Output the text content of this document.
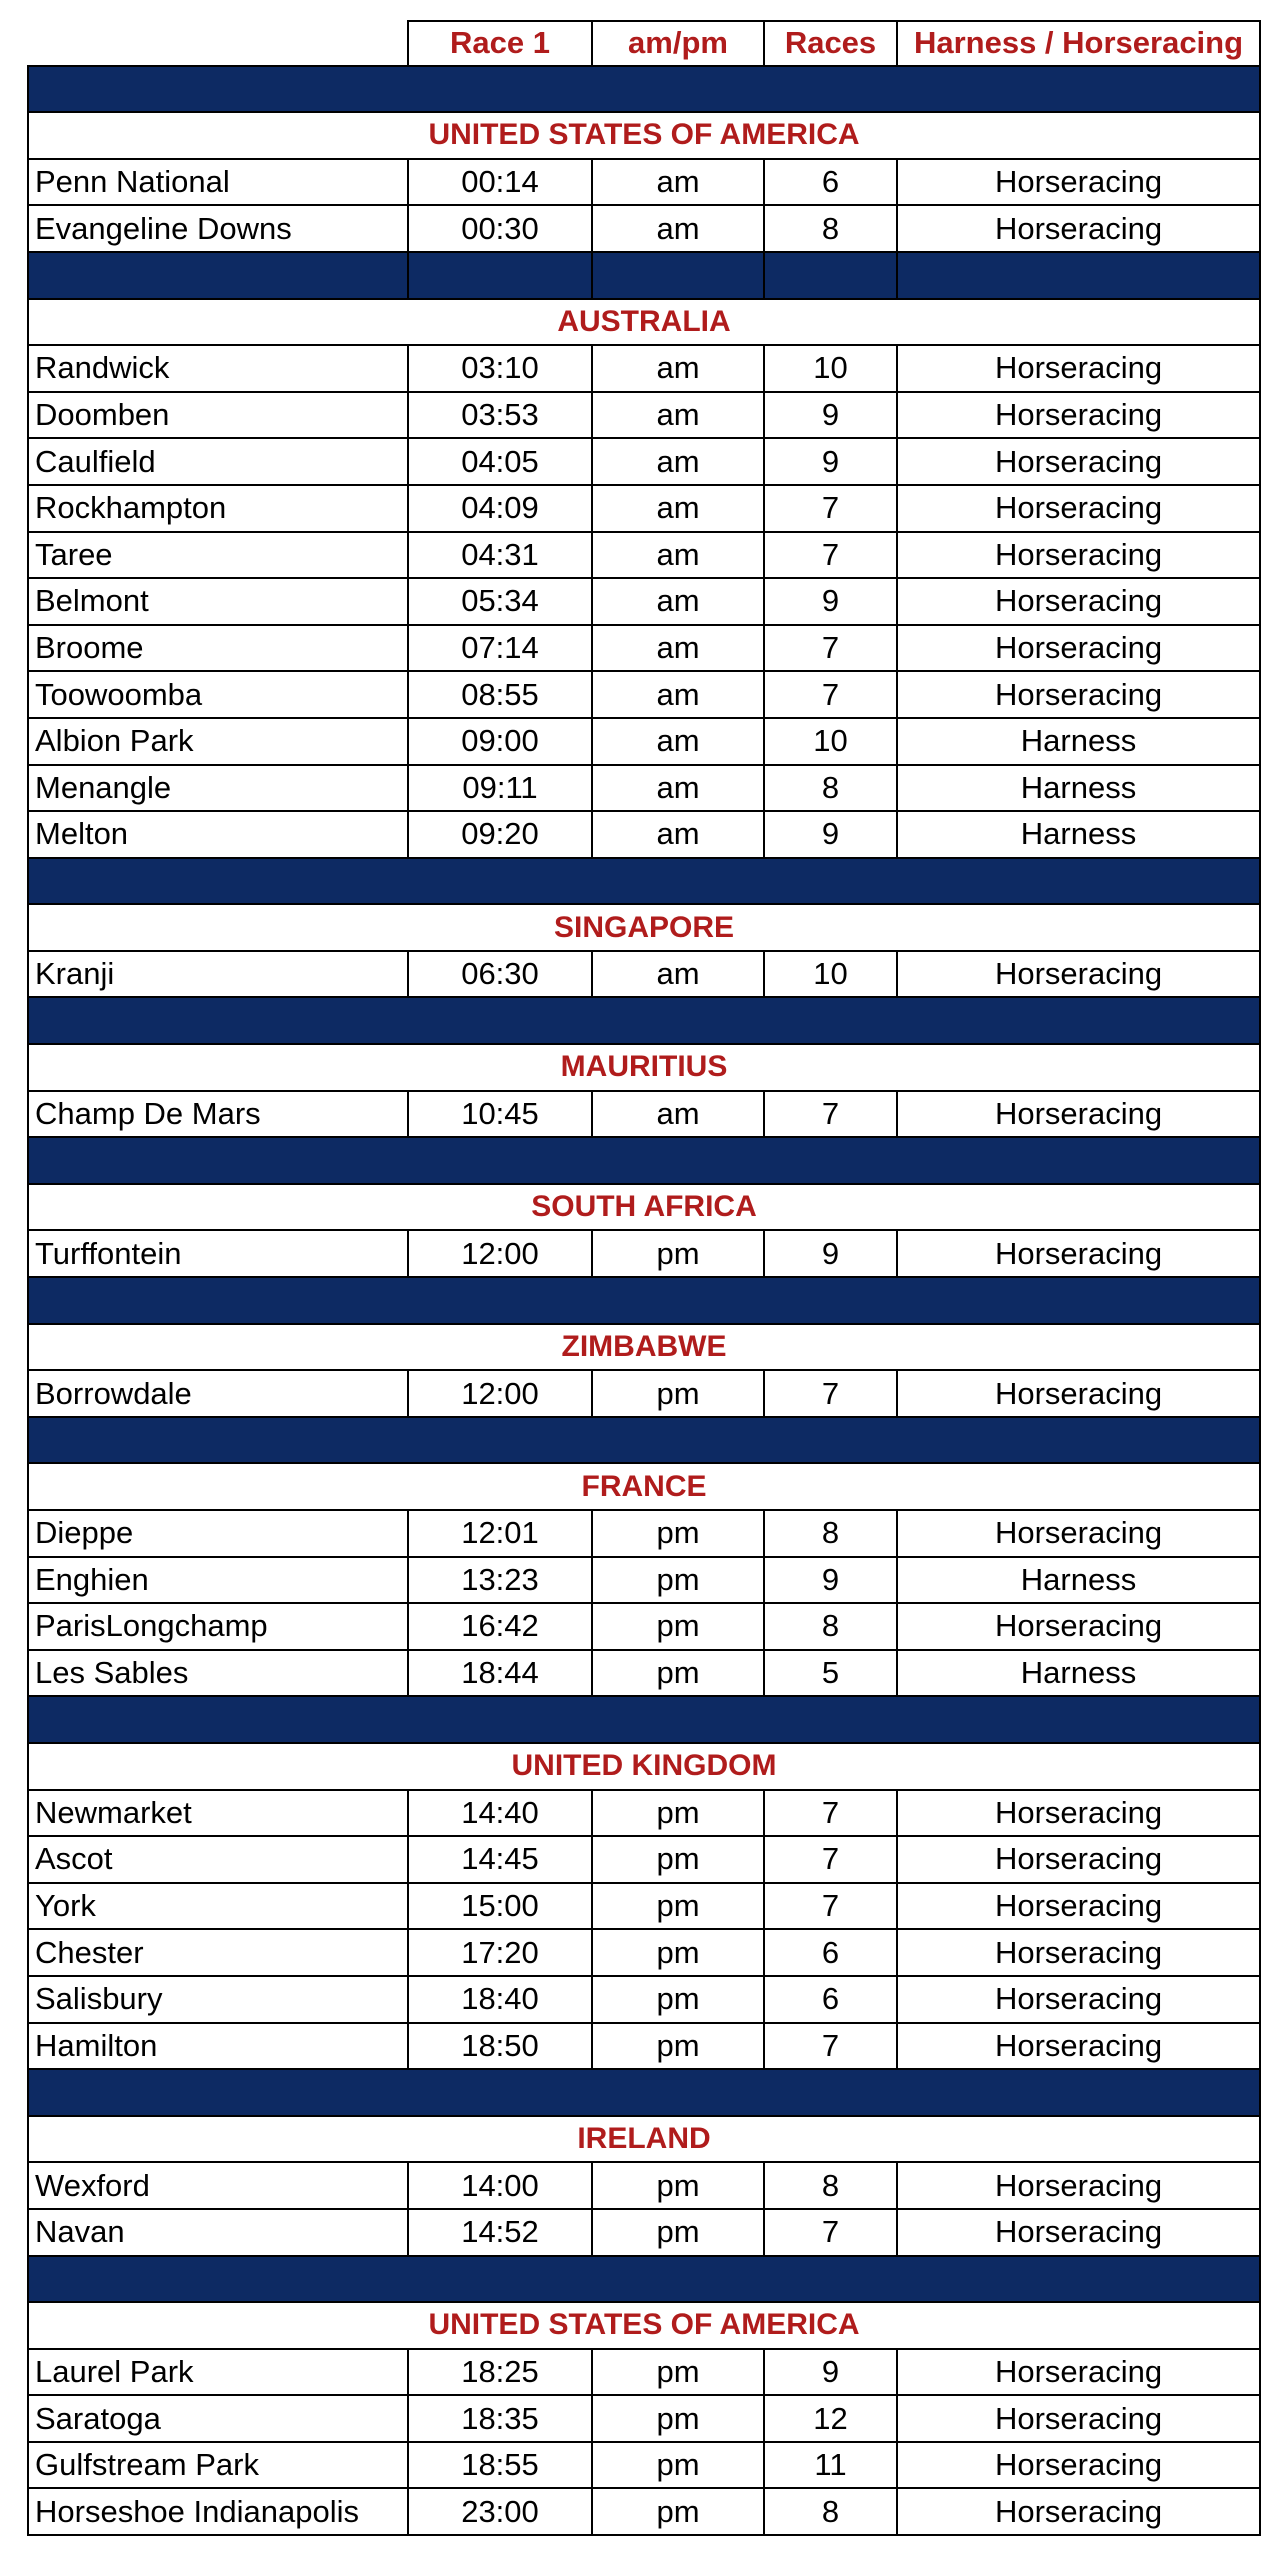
Race 1	am/pm	Races	Harness / Horseracing
UNITED STATES OF AMERICA
Penn National	00:14	am	6	Horseracing
Evangeline Downs	00:30	am	8	Horseracing
AUSTRALIA
Randwick	03:10	am	10	Horseracing
Doomben	03:53	am	9	Horseracing
Caulfield	04:05	am	9	Horseracing
Rockhampton	04:09	am	7	Horseracing
Taree	04:31	am	7	Horseracing
Belmont	05:34	am	9	Horseracing
Broome	07:14	am	7	Horseracing
Toowoomba	08:55	am	7	Horseracing
Albion Park	09:00	am	10	Harness
Menangle	09:11	am	8	Harness
Melton	09:20	am	9	Harness
SINGAPORE
Kranji	06:30	am	10	Horseracing
MAURITIUS
Champ De Mars	10:45	am	7	Horseracing
SOUTH AFRICA
Turffontein	12:00	pm	9	Horseracing
ZIMBABWE
Borrowdale	12:00	pm	7	Horseracing
FRANCE
Dieppe	12:01	pm	8	Horseracing
Enghien	13:23	pm	9	Harness
ParisLongchamp	16:42	pm	8	Horseracing
Les Sables	18:44	pm	5	Harness
UNITED KINGDOM
Newmarket	14:40	pm	7	Horseracing
Ascot	14:45	pm	7	Horseracing
York	15:00	pm	7	Horseracing
Chester	17:20	pm	6	Horseracing
Salisbury	18:40	pm	6	Horseracing
Hamilton	18:50	pm	7	Horseracing
IRELAND
Wexford	14:00	pm	8	Horseracing
Navan	14:52	pm	7	Horseracing
UNITED STATES OF AMERICA
Laurel Park	18:25	pm	9	Horseracing
Saratoga	18:35	pm	12	Horseracing
Gulfstream Park	18:55	pm	11	Horseracing
Horseshoe Indianapolis	23:00	pm	8	Horseracing
